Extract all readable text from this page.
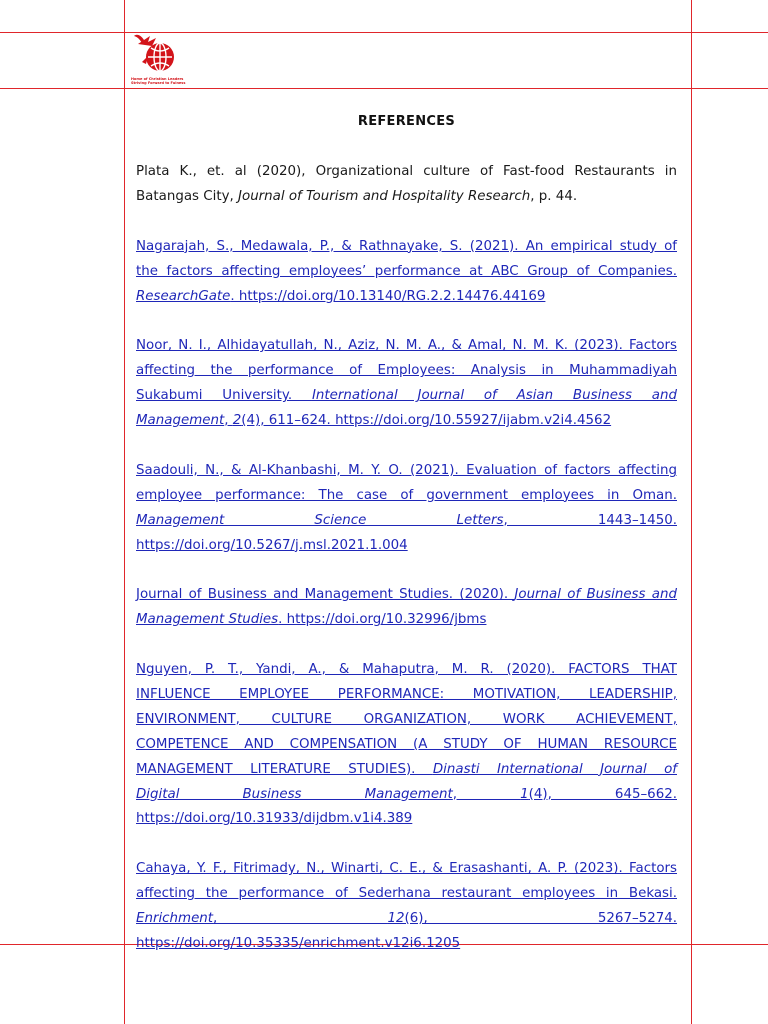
Home of Christian Leaders
Striving Forward to Fulness
REFERENCES
Plata K., et. al (2020), Organizational culture of Fast-food Restaurants in
Batangas City, Journal of Tourism and Hospitality Research, p. 44.
Nagarajah, S., Medawala, P., & Rathnayake, S. (2021). An empirical study of
the factors affecting employees’ performance at ABC Group of Companies.
ResearchGate. https://doi.org/10.13140/RG.2.2.14476.44169
Noor, N. I., Alhidayatullah, N., Aziz, N. M. A., & Amal, N. M. K. (2023). Factors
affecting the performance of Employees: Analysis in Muhammadiyah
Sukabumi University. International Journal of Asian Business and
Management, 2(4), 611–624. https://doi.org/10.55927/ijabm.v2i4.4562
Saadouli, N., & Al-Khanbashi, M. Y. O. (2021). Evaluation of factors affecting
employee performance: The case of government employees in Oman.
Management Science Letters, 1443–1450.
https://doi.org/10.5267/j.msl.2021.1.004
Journal of Business and Management Studies. (2020). Journal of Business and
Management Studies. https://doi.org/10.32996/jbms
Nguyen, P. T., Yandi, A., & Mahaputra, M. R. (2020). FACTORS THAT
INFLUENCE EMPLOYEE PERFORMANCE: MOTIVATION, LEADERSHIP,
ENVIRONMENT, CULTURE ORGANIZATION, WORK ACHIEVEMENT,
COMPETENCE AND COMPENSATION (A STUDY OF HUMAN RESOURCE
MANAGEMENT LITERATURE STUDIES). Dinasti International Journal of
Digital Business Management, 1(4), 645–662.
https://doi.org/10.31933/dijdbm.v1i4.389
Cahaya, Y. F., Fitrimady, N., Winarti, C. E., & Erasashanti, A. P. (2023). Factors
affecting the performance of Sederhana restaurant employees in Bekasi.
Enrichment, 12(6), 5267–5274.
https://doi.org/10.35335/enrichment.v12i6.1205
